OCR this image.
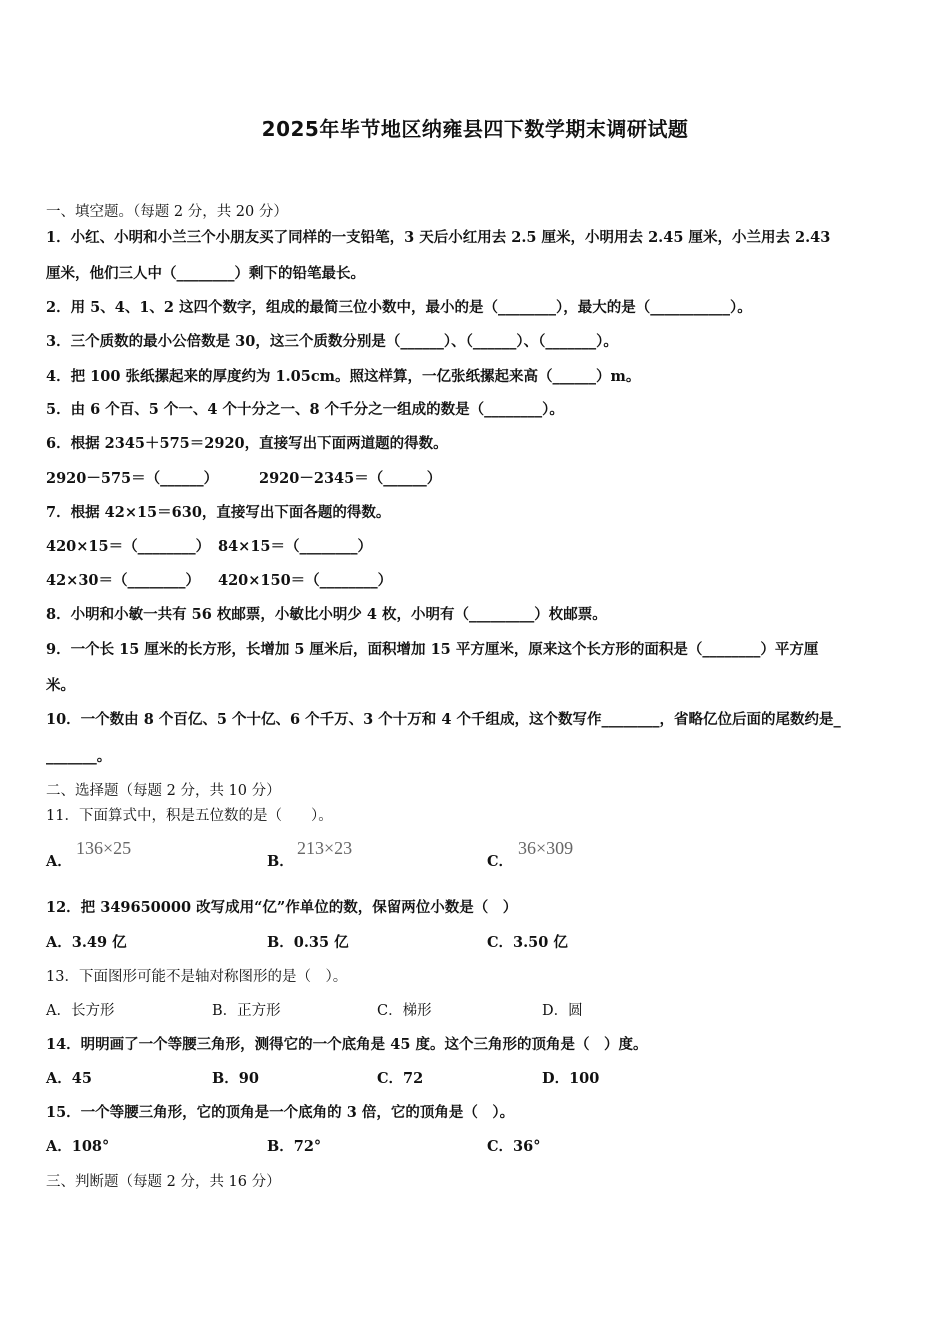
2025年毕节地区纳雍县四下数学期末调研试题
一、填空题。（每题 2 分，共 20 分）
1．小红、小明和小兰三个小朋友买了同样的一支铅笔，3 天后小红用去 2.5 厘米，小明用去 2.45 厘米，小兰用去 2.43
厘米，他们三人中（________）剩下的铅笔最长。
2．用 5、4、1、2 这四个数字，组成的最简三位小数中，最小的是（________），最大的是（___________）。
3．三个质数的最小公倍数是 30，这三个质数分别是（______）、（______）、（_______）。
4．把 100 张纸摞起来的厚度约为 1.05cm。照这样算，一亿张纸摞起来高（______）m。
5．由 6 个百、5 个一、4 个十分之一、8 个千分之一组成的数是（________）。
6．根据 2345＋575＝2920，直接写出下面两道题的得数。
2920－575＝（______）	2920－2345＝（______）
7．根据 42×15＝630，直接写出下面各题的得数。
420×15＝（________） 84×15＝（________）
42×30＝（________） 420×150＝（________）
8．小明和小敏一共有 56 枚邮票，小敏比小明少 4 枚，小明有（_________）枚邮票。
9．一个长 15 厘米的长方形，长增加 5 厘米后，面积增加 15 平方厘米，原来这个长方形的面积是（________）平方厘
米。
10．一个数由 8 个百亿、5 个十亿、6 个千万、3 个十万和 4 个千组成，这个数写作________，省略亿位后面的尾数约是_
_______。
二、选择题（每题 2 分，共 10 分）
11．下面算式中，积是五位数的是（　　）。
A．
136×25
B．
213×23
C．
36×309
12．把 349650000 改写成用“亿”作单位的数，保留两位小数是（　）
A．3.49 亿	B．0.35 亿	C．3.50 亿
13．下面图形可能不是轴对称图形的是（　）。
A．长方形	B．正方形	C．梯形	D．圆
14．明明画了一个等腰三角形，测得它的一个底角是 45 度。这个三角形的顶角是（　）度。
A．45	B．90	C．72	D．100
15．一个等腰三角形，它的顶角是一个底角的 3 倍，它的顶角是（　）。
A．108°	B．72°	C．36°
三、判断题（每题 2 分，共 16 分）
